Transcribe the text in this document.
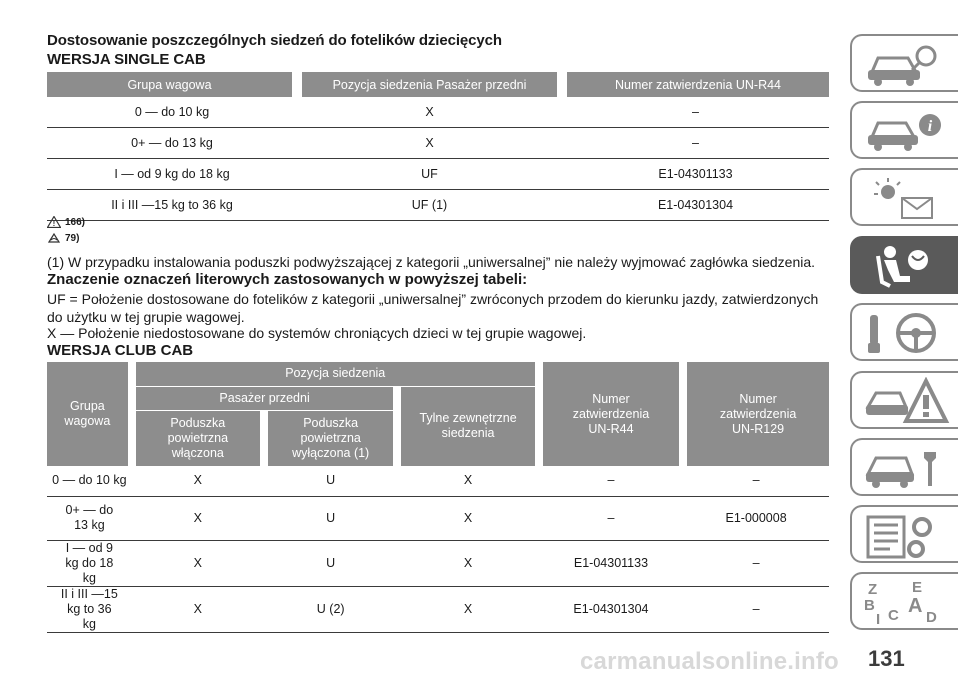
Dostosowanie poszczególnych siedzeń do fotelików dziecięcych
WERSJA SINGLE CAB
Grupa wagowa	Pozycja siedzenia Pasażer przedni	Numer zatwierdzenia UN-R44
0 — do 10 kg	X	–
0+ — do 13 kg	X	–
I — od 9 kg do 18 kg	UF	E1-04301133
II i III —15 kg to 36 kg	UF (1)	E1-04301304
! 166)
79)
(1) W przypadku instalowania poduszki podwyższającej z kategorii „uniwersalnej” nie należy wyjmować zagłówka siedzenia.
Znaczenie oznaczeń literowych zastosowanych w powyższej tabeli:
UF = Położenie dostosowane do fotelików z kategorii „uniwersalnej” zwróconych przodem do kierunku jazdy, zatwierdzonych do użytku w tej grupie wagowej.
X — Położenie niedostosowane do systemów chroniących dzieci w tej grupie wagowej.
WERSJA CLUB CAB
Grupa wagowa	Pozycja siedzenia			Numer zatwierdzenia UN-R44	Numer zatwierdzenia UN-R129
	Pasażer przedni		Tylne zewnętrzne siedzenia		
	Poduszka powietrzna włączona	Poduszka powietrzna wyłączona (1)			
0 — do 10 kg	X	U	X	–	–
0+ — do 13 kg	X	U	X	–	E1-000008
I — od 9 kg do 18 kg	X	U	X	E1-04301133	–
II i III —15 kg to 36 kg	X	U (2)	X	E1-04301304	–
i
Z E
B A
I C D
carmanualsonline.info 131
